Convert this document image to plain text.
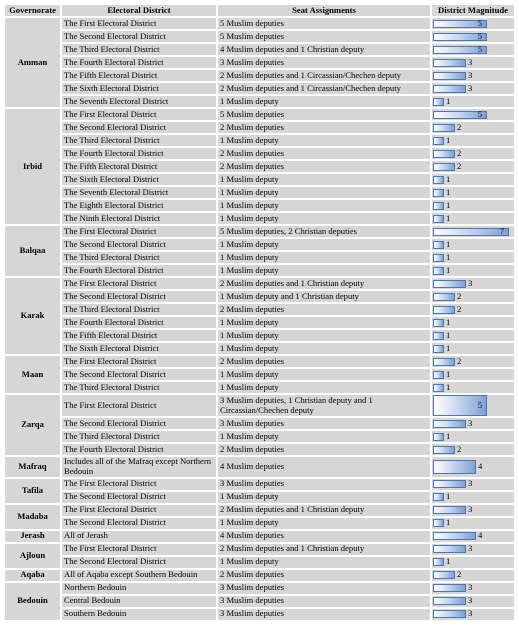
Governorate	Electoral District	Seat Assignments	District Magnitude
Amman	The First Electoral District	5 Muslim deputies	5

	The Second Electoral District	5 Muslim deputies	5

	The Third Electoral District	4 Muslim deputies and 1 Christian deputy	5

	The Fourth Electoral District	3 Muslim deputies	3

	The Fifth Electoral District	2 Muslim deputies and 1 Circassian/Chechen deputy	3

	The Sixth Electoral District	2 Muslim deputies and 1 Circassian/Chechen deputy	3

	The Seventh Electoral District	1 Muslim deputy	1

Irbid	The First Electoral District	5 Muslim deputies	5

	The Second Electoral District	2 Muslim deputies	2

	The Third Electoral District	1 Muslim deputy	1

	The Fourth Electoral District	2 Muslim deputies	2

	The Fifth Electoral District	2 Muslim deputies	2

	The Sixth Electoral District	1 Muslim deputy	1

	The Seventh Electoral District	1 Muslim deputy	1

	The Eighth Electoral District	1 Muslim deputy	1

	The Ninth Electoral District	1 Muslim deputy	1

Balqaa	The First Electoral District	5 Muslim deputies, 2 Christian deputies	7

	The Second Electoral District	1 Muslim deputy	1

	The Third Electoral District	1 Muslim deputy	1

	The Fourth Electoral District	1 Muslim deputy	1

Karak	The First Electoral District	2 Muslim deputies and 1 Christian deputy	3

	The Second Electoral District	1 Muslim deputy and 1 Christian deputy	2

	The Third Electoral District	2 Muslim deputies	2

	The Fourth Electoral District	1 Muslim deputy	1

	The Fifth Electoral District	1 Muslim deputy	1

	The Sixth Electoral District	1 Muslim deputy	1

Maan	The First Electoral District	2 Muslim deputies	2

	The Second Electoral District	1 Muslim deputy	1

	The Third Electoral District	1 Muslim deputy	1

Zarqa	The First Electoral District	3 Muslim deputies, 1 Christian deputy and 1 Circassian/Chechen deputy	5

	The Second Electoral District	3 Muslim deputies	3

	The Third Electoral District	1 Muslim deputy	1

	The Fourth Electoral District	2 Muslim deputies	2

Mafraq	Includes all of the Mafraq except Northern Bedouin	4 Muslim deputies	4

Tafila	The First Electoral District	3 Muslim deputies	3

	The Second Electoral District	1 Muslim deputy	1

Madaba	The First Electoral District	2 Muslim deputies and 1 Christian deputy	3

	The Second Electoral District	1 Muslim deputy	1

Jerash	All of Jerash	4 Muslim deputies	4

Ajloun	The First Electoral District	2 Muslim deputies and 1 Christian deputy	3

	The Second Electoral District	1 Muslim deputy	1

Aqaba	All of Aqaba except Southern Bedouin	2 Muslim deputies	2

Bedouin	Northern Bedouin	3 Muslim deputies	3

	Central Bedouin	3 Muslim deputies	3

	Southern Bedouin	3 Muslim deputies	3
